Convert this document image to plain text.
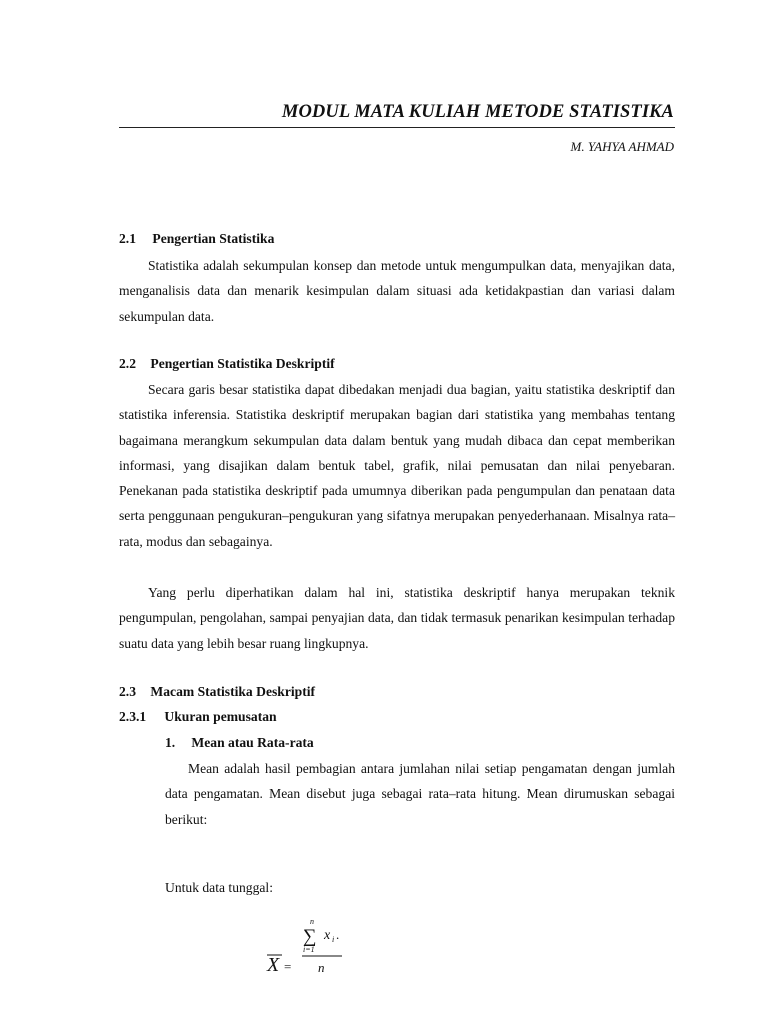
MODUL MATA KULIAH METODE STATISTIKA
M. YAHYA AHMAD
2.1 Pengertian Statistika

Statistika adalah sekumpulan konsep dan metode untuk mengumpulkan data, menyajikan data, menganalisis data dan menarik kesimpulan dalam situasi ada ketidakpastian dan variasi dalam sekumpulan data.

2.2 Pengertian Statistika Deskriptif

Secara garis besar statistika dapat dibedakan menjadi dua bagian, yaitu statistika deskriptif dan statistika inferensia. Statistika deskriptif merupakan bagian dari statistika yang membahas tentang bagaimana merangkum sekumpulan data dalam bentuk yang mudah dibaca dan cepat memberikan informasi, yang disajikan dalam bentuk tabel, grafik, nilai pemusatan dan nilai penyebaran. Penekanan pada statistika deskriptif pada umumnya diberikan pada pengumpulan dan penataan data serta penggunaan pengukuran–pengukuran yang sifatnya merupakan penyederhanaan. Misalnya rata–rata, modus dan sebagainya.

Yang perlu diperhatikan dalam hal ini, statistika deskriptif hanya merupakan teknik pengumpulan, pengolahan, sampai penyajian data, dan tidak termasuk penarikan kesimpulan terhadap suatu data yang lebih besar ruang lingkupnya.

2.3 Macam Statistika Deskriptif
2.3.1 Ukuran pemusatan
1. Mean atau Rata-rata

Mean adalah hasil pembagian antara jumlahan nilai setiap pengamatan dengan jumlah data pengamatan. Mean disebut juga sebagai rata–rata hitung. Mean dirumuskan sebagai berikut:

Untuk data tunggal:
X =
n
∑
i=1
x i .
n
